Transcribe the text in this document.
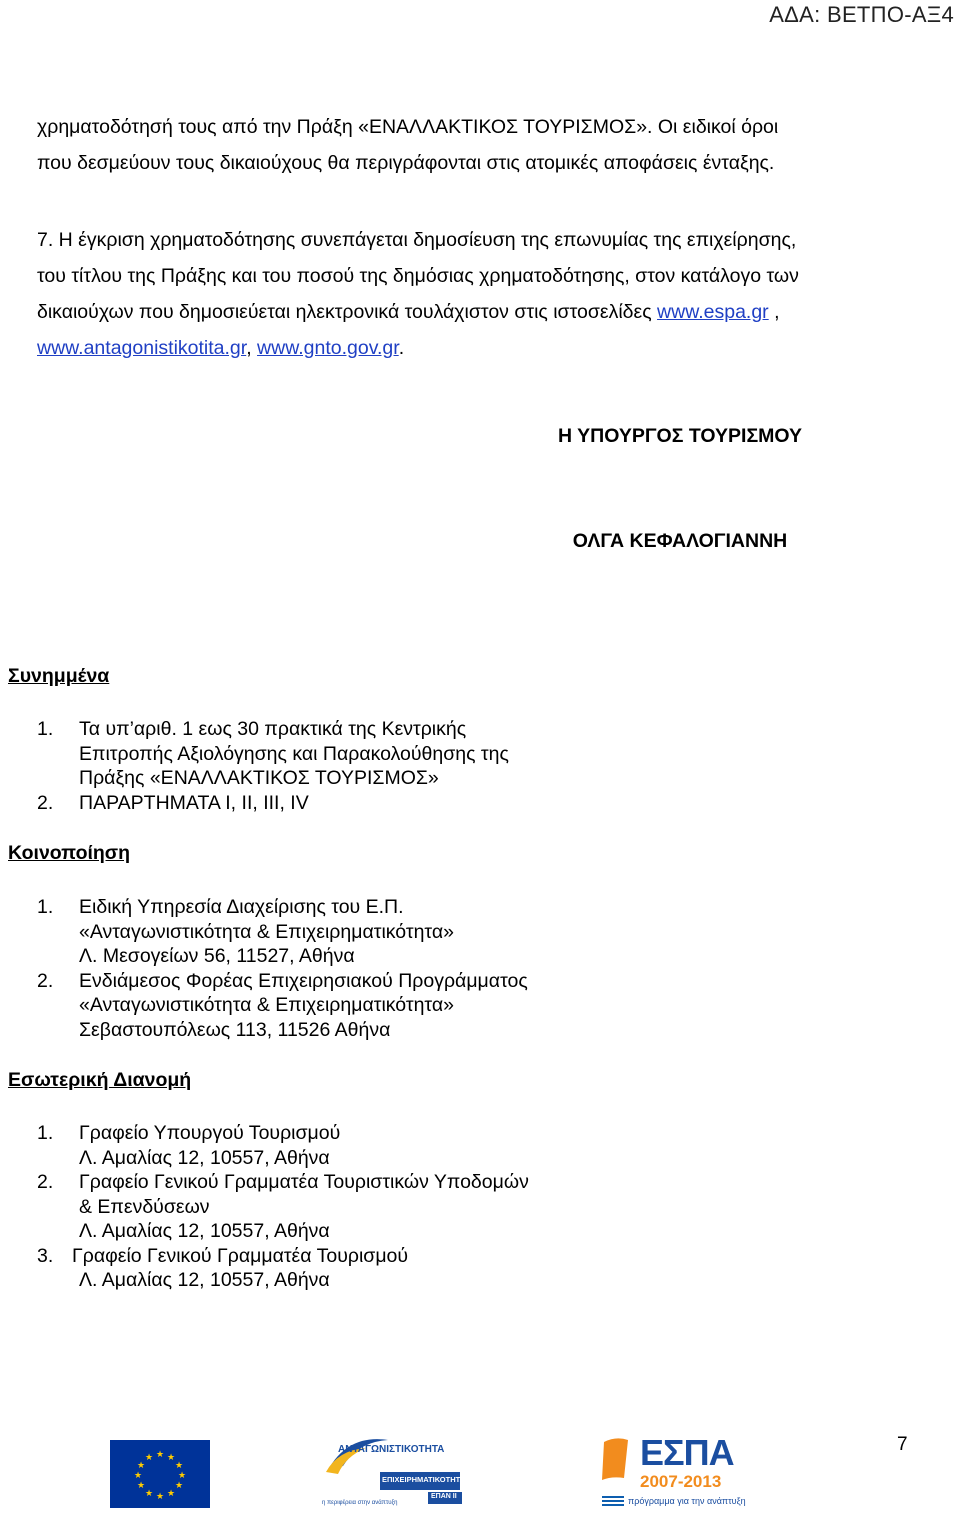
ΑΔΑ: ΒΕΤΠΟ-ΑΞ4
χρηματοδότησή τους από την Πράξη «ΕΝΑΛΛΑΚΤΙΚΟΣ ΤΟΥΡΙΣΜΟΣ». Οι ειδικοί όροι
που δεσμεύουν τους δικαιούχους θα περιγράφονται στις ατομικές αποφάσεις ένταξης.
7. Η έγκριση χρηματοδότησης συνεπάγεται δημοσίευση της επωνυμίας της επιχείρησης,
του τίτλου της Πράξης και του ποσού της δημόσιας χρηματοδότησης, στον κατάλογο των
δικαιούχων που δημοσιεύεται ηλεκτρονικά τουλάχιστον στις ιστοσελίδες www.espa.gr ,
www.antagonistikotita.gr, www.gnto.gov.gr.
Η ΥΠΟΥΡΓΟΣ ΤΟΥΡΙΣΜΟΥ
ΟΛΓΑ ΚΕΦΑΛΟΓΙΑΝΝΗ
Συνημμένα
1. Τα υπ’αριθ. 1 εως 30 πρακτικά της Κεντρικής
Επιτροπής Αξιολόγησης και Παρακολούθησης της
Πράξης «ΕΝΑΛΛΑΚΤΙΚΟΣ ΤΟΥΡΙΣΜΟΣ»
2. ΠΑΡΑΡΤΗΜΑΤΑ I, II, III, IV
Κοινοποίηση
1. Ειδική Υπηρεσία Διαχείρισης του Ε.Π.
«Ανταγωνιστικότητα & Επιχειρηματικότητα»
Λ. Μεσογείων 56, 11527, Αθήνα
2. Ενδιάμεσος Φορέας Επιχειρησιακού Προγράμματος
«Ανταγωνιστικότητα & Επιχειρηματικότητα»
Σεβαστουπόλεως 113, 11526 Αθήνα
Εσωτερική Διανομή
1. Γραφείο Υπουργού Τουρισμού
Λ. Αμαλίας 12, 10557, Αθήνα
2. Γραφείο Γενικού Γραμματέα Τουριστικών Υποδομών
& Επενδύσεων
Λ. Αμαλίας 12, 10557, Αθήνα
3. Γραφείο Γενικού Γραμματέα Τουρισμού
Λ. Αμαλίας 12, 10557, Αθήνα
7
★ ★
★
★
★
★
★
★
★
★
★
★
ΑΝΤΑΓΩΝΙΣΤΙΚΟΤΗΤΑ
ΕΠΙΧΕΙΡΗΜΑΤΙΚΟΤΗΤΑ
ΕΠΑΝ II
η περιφέρεια στην ανάπτυξη
ΕΣΠΑ
2007-2013
πρόγραμμα για την ανάπτυξη
